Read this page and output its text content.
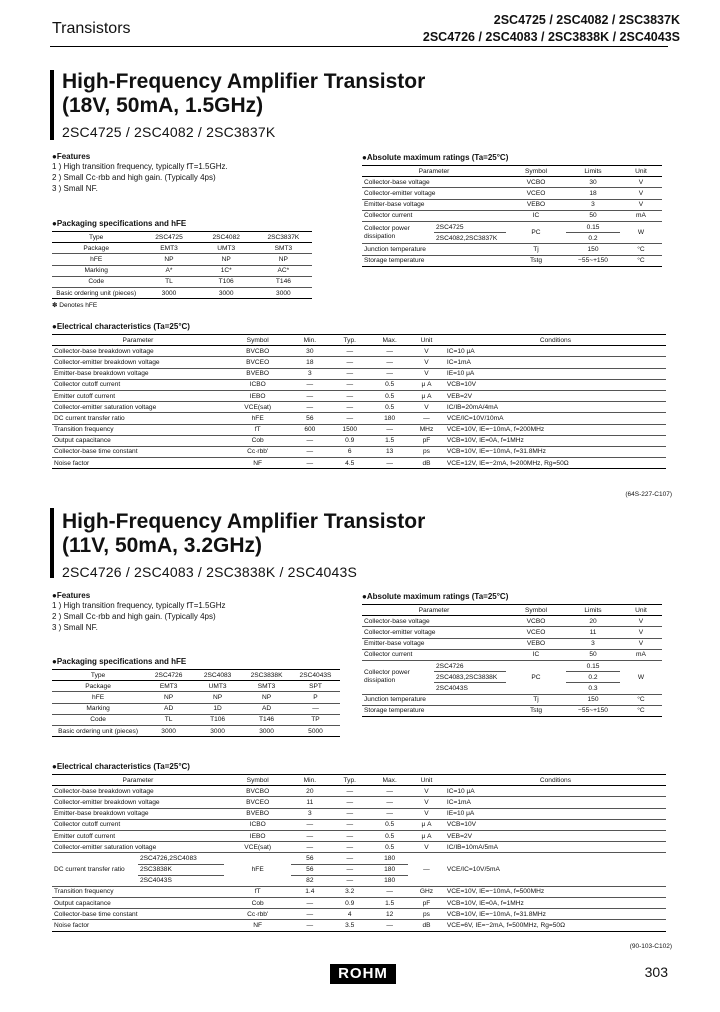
Transistors	2SC4725 / 2SC4082 / 2SC3837K
2SC4726 / 2SC4083 / 2SC3838K / 2SC4043S
High-Frequency Amplifier Transistor
(18V, 50mA, 1.5GHz)
2SC4725 / 2SC4082 / 2SC3837K
●Features
1 ) High transition frequency, typically fT=1.5GHz.
2 ) Small Cc·rbb and high gain. (Typically 4ps)
3 ) Small NF.
●Packaging specifications and hFE
Type	2SC4725	2SC4082	2SC3837K
Package	EMT3	UMT3	SMT3
hFE	NP	NP	NP
Marking	A*	1C*	AC*
Code	TL	T106	T146
Basic ordering unit (pieces)	3000	3000	3000
✽ Denotes hFE
●Absolute maximum ratings (Ta=25°C)
Parameter		Symbol	Limits	Unit
Collector-base voltage		VCBO	30	V
Collector-emitter voltage		VCEO	18	V
Emitter-base voltage		VEBO	3	V
Collector current		IC	50	mA
Collector power dissipation	2SC4725	PC	0.15	W
	2SC4082,2SC3837K		0.2	
Junction temperature		Tj	150	°C
Storage temperature		Tstg	−55~+150	°C
●Electrical characteristics (Ta=25°C)
Parameter	Symbol	Min.	Typ.	Max.	Unit	Conditions
Collector-base breakdown voltage	BVCBO	30	—	—	V	IC=10 μA
Collector-emitter breakdown voltage	BVCEO	18	—	—	V	IC=1mA
Emitter-base breakdown voltage	BVEBO	3	—	—	V	IE=10 μA
Collector cutoff current	ICBO	—	—	0.5	μ A	VCB=10V
Emitter cutoff current	IEBO	—	—	0.5	μ A	VEB=2V
Collector-emitter saturation voltage	VCE(sat)	—	—	0.5	V	IC/IB=20mA/4mA
DC current transfer ratio	hFE	56	—	180	—	VCE/IC=10V/10mA
Transition frequency	fT	600	1500	—	MHz	VCE=10V, IE=−10mA, f=200MHz
Output capacitance	Cob	—	0.9	1.5	pF	VCB=10V, IE=0A, f=1MHz
Collector-base time constant	Cc·rbb'	—	6	13	ps	VCB=10V, IE=−10mA, f=31.8MHz
Noise factor	NF	—	4.5	—	dB	VCE=12V, IE=−2mA, f=200MHz, Rg=50Ω
(64S-227-C107)
High-Frequency Amplifier Transistor
(11V, 50mA, 3.2GHz)
2SC4726 / 2SC4083 / 2SC3838K / 2SC4043S
●Features
1 ) High transition frequency, typically fT=1.5GHz
2 ) Small Cc·rbb and high gain. (Typically 4ps)
3 ) Small NF.
●Packaging specifications and hFE
Type	2SC4726	2SC4083	2SC3838K	2SC4043S
Package	EMT3	UMT3	SMT3	SPT
hFE	NP	NP	NP	P
Marking	AD	1D	AD	—
Code	TL	T106	T146	TP
Basic ordering unit (pieces)	3000	3000	3000	5000
●Absolute maximum ratings (Ta=25°C)
Parameter		Symbol	Limits	Unit
Collector-base voltage		VCBO	20	V
Collector-emitter voltage		VCEO	11	V
Emitter-base voltage		VEBO	3	V
Collector current		IC	50	mA
Collector power dissipation	2SC4726	PC	0.15	W
	2SC4083,2SC3838K		0.2	
	2SC4043S		0.3	
Junction temperature		Tj	150	°C
Storage temperature		Tstg	−55~+150	°C
●Electrical characteristics (Ta=25°C)
Parameter		Symbol	Min.	Typ.	Max.	Unit	Conditions
Collector-base breakdown voltage		BVCBO	20	—	—	V	IC=10 μA
Collector-emitter breakdown voltage		BVCEO	11	—	—	V	IC=1mA
Emitter-base breakdown voltage		BVEBO	3	—	—	V	IE=10 μA
Collector cutoff current		ICBO	—	—	0.5	μ A	VCB=10V
Emitter cutoff current		IEBO	—	—	0.5	μ A	VEB=2V
Collector-emitter saturation voltage		VCE(sat)	—	—	0.5	V	IC/IB=10mA/5mA
DC current transfer ratio	2SC4726,2SC4083	hFE	56	—	180	—	VCE/IC=10V/5mA
	2SC3838K		56	—	180		
	2SC4043S		82	—	180		
Transition frequency		fT	1.4	3.2	—	GHz	VCE=10V, IE=−10mA, f=500MHz
Output capacitance		Cob	—	0.9	1.5	pF	VCB=10V, IE=0A, f=1MHz
Collector-base time constant		Cc·rbb'	—	4	12	ps	VCB=10V, IE=−10mA, f=31.8MHz
Noise factor		NF	—	3.5	—	dB	VCE=6V, IE=−2mA, f=500MHz, Rg=50Ω
(90-103-C102)
ROHM	303
